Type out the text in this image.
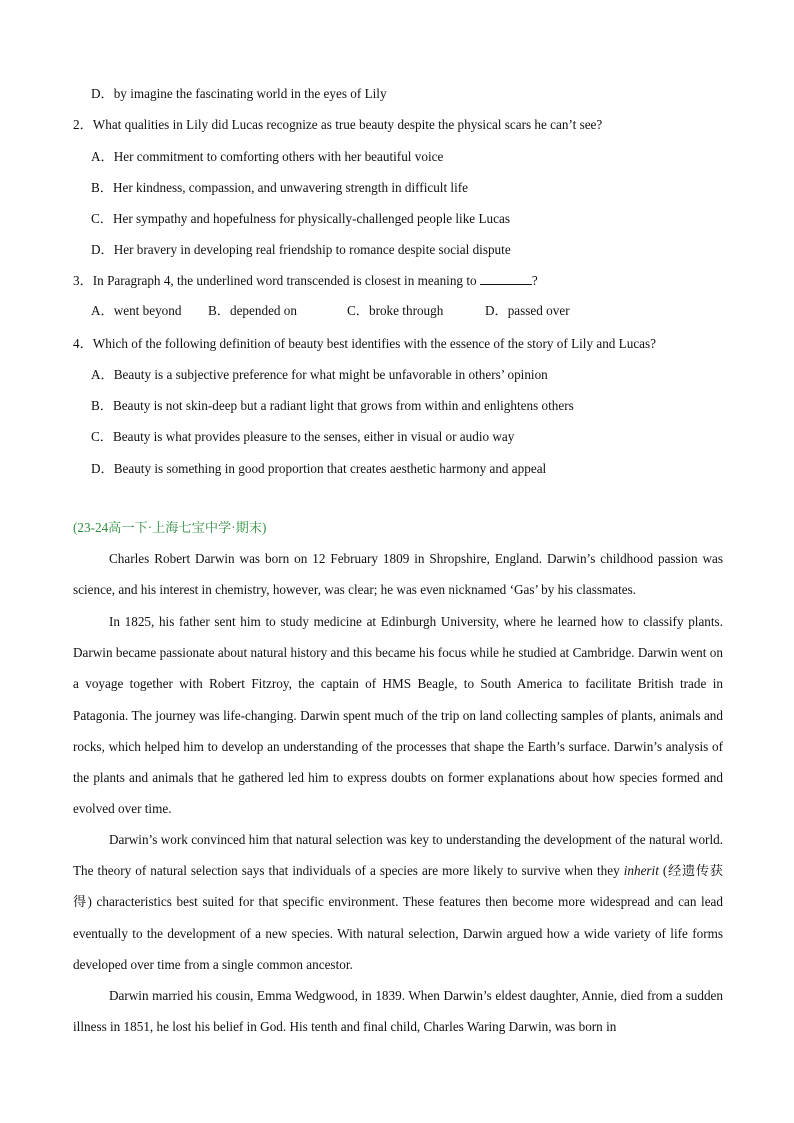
D．by imagine the fascinating world in the eyes of Lily
2．What qualities in Lily did Lucas recognize as true beauty despite the physical scars he can’t see?
A．Her commitment to comforting others with her beautiful voice
B．Her kindness, compassion, and unwavering strength in difficult life
C．Her sympathy and hopefulness for physically-challenged people like Lucas
D．Her bravery in developing real friendship to romance despite social dispute
3．In Paragraph 4, the underlined word transcended is closest in meaning to	?
A．went beyond B．depended on	C．broke through	D．passed over
4．Which of the following definition of beauty best identifies with the essence of the story of Lily and Lucas?
A．Beauty is a subjective preference for what might be unfavorable in others’ opinion
B．Beauty is not skin-deep but a radiant light that grows from within and enlightens others
C．Beauty is what provides pleasure to the senses, either in visual or audio way
D．Beauty is something in good proportion that creates aesthetic harmony and appeal
(23-24高一下·上海七宝中学·期末)

Charles Robert Darwin was born on 12 February 1809 in Shropshire, England. Darwin’s childhood passion was science, and his interest in chemistry, however, was clear; he was even nicknamed ‘Gas’ by his classmates.

In 1825, his father sent him to study medicine at Edinburgh University, where he learned how to classify plants. Darwin became passionate about natural history and this became his focus while he studied at Cambridge. Darwin went on a voyage together with Robert Fitzroy, the captain of HMS Beagle, to South America to facilitate British trade in Patagonia. The journey was life-changing. Darwin spent much of the trip on land collecting samples of plants, animals and rocks, which helped him to develop an understanding of the processes that shape the Earth’s surface. Darwin’s analysis of the plants and animals that he gathered led him to express doubts on former explanations about how species formed and evolved over time.

Darwin’s work convinced him that natural selection was key to understanding the development of the natural world. The theory of natural selection says that individuals of a species are more likely to survive when they inherit (经遗传获得) characteristics best suited for that specific environment. These features then become more widespread and can lead eventually to the development of a new species. With natural selection, Darwin argued how a wide variety of life forms developed over time from a single common ancestor.

Darwin married his cousin, Emma Wedgwood, in 1839. When Darwin’s eldest daughter, Annie, died from a sudden illness in 1851, he lost his belief in God. His tenth and final child, Charles Waring Darwin, was born in
